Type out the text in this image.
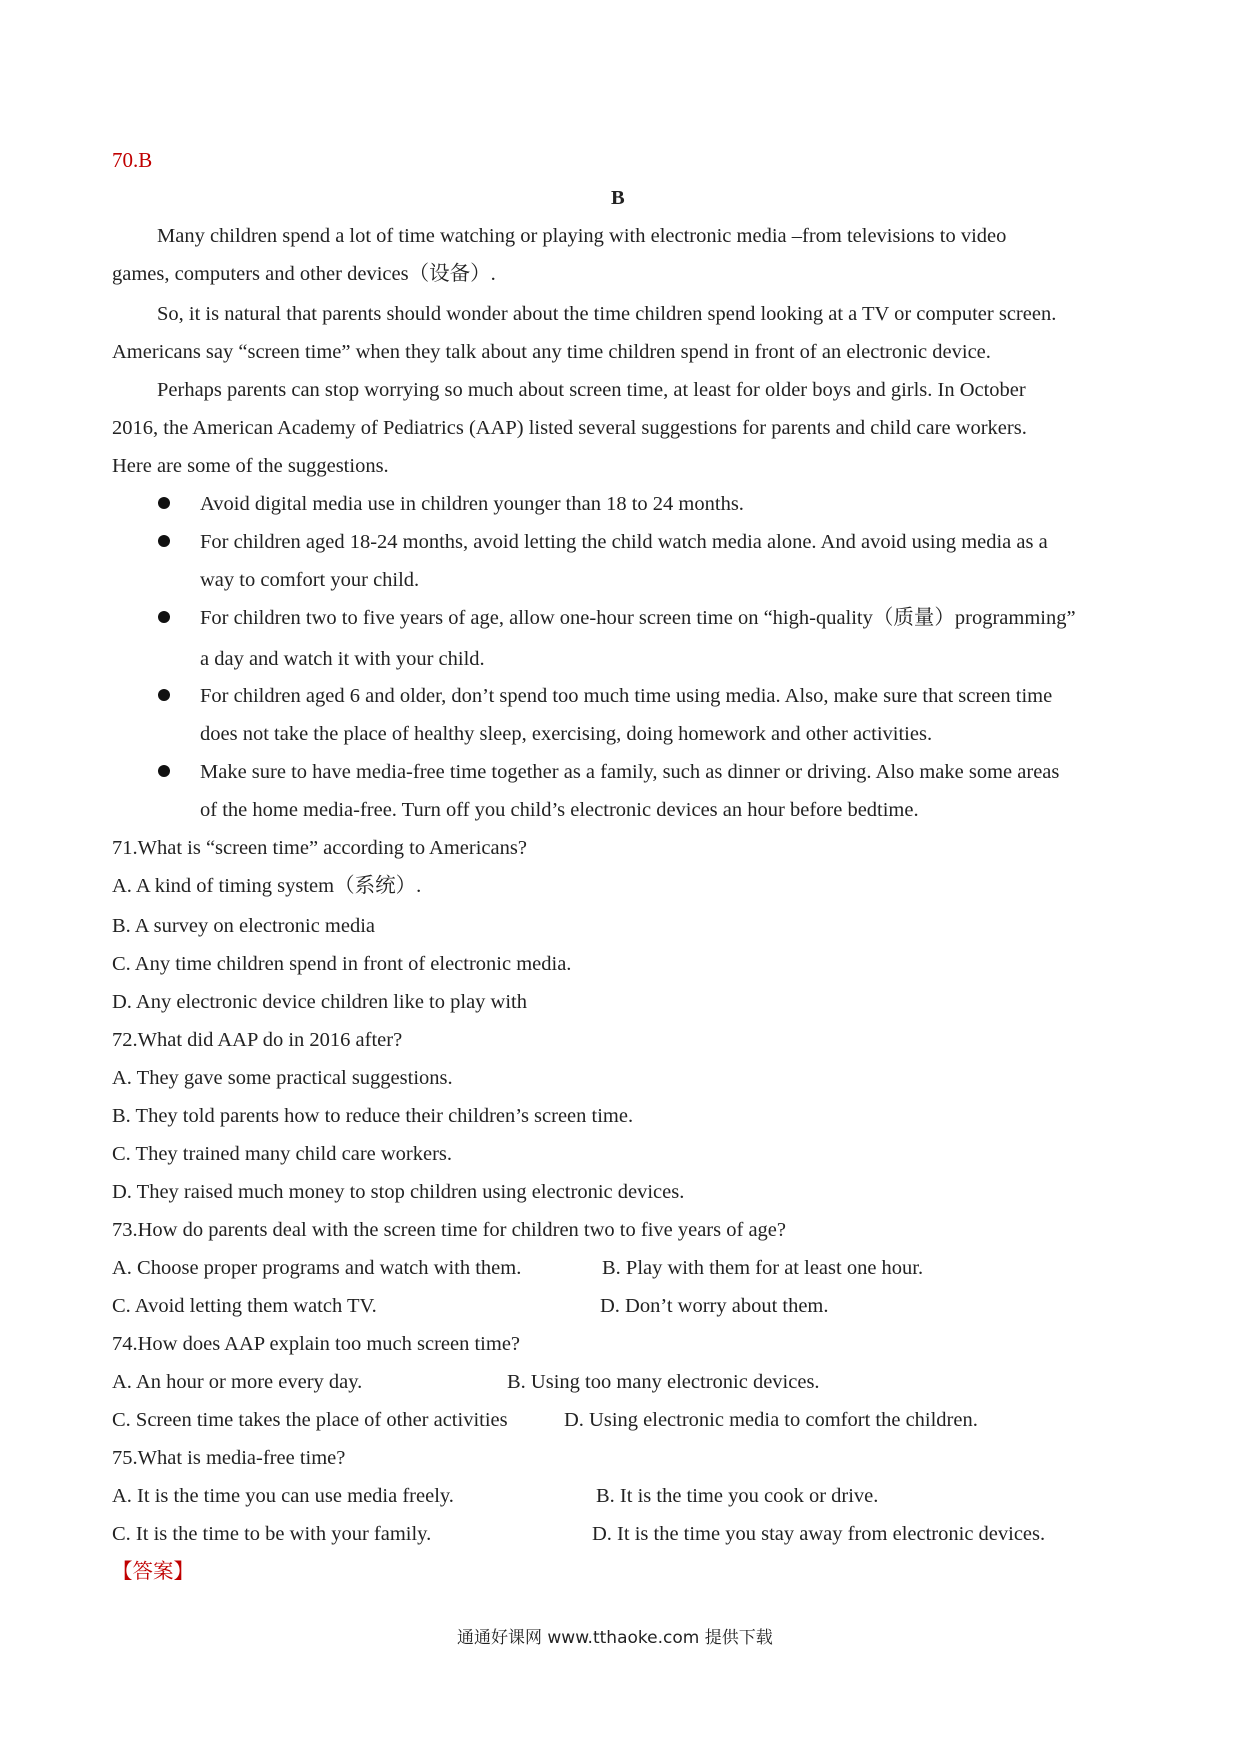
70.B
B
Many children spend a lot of time watching or playing with electronic media –from televisions to video
games, computers and other devices（设备）.
So, it is natural that parents should wonder about the time children spend looking at a TV or computer screen.
Americans say “screen time” when they talk about any time children spend in front of an electronic device.
Perhaps parents can stop worrying so much about screen time, at least for older boys and girls. In October
2016, the American Academy of Pediatrics (AAP) listed several suggestions for parents and child care workers.
Here are some of the suggestions.
Avoid digital media use in children younger than 18 to 24 months.
For children aged 18-24 months, avoid letting the child watch media alone. And avoid using media as a
way to comfort your child.
For children two to five years of age, allow one-hour screen time on “high-quality（质量）programming”
a day and watch it with your child.
For children aged 6 and older, don’t spend too much time using media. Also, make sure that screen time
does not take the place of healthy sleep, exercising, doing homework and other activities.
Make sure to have media-free time together as a family, such as dinner or driving. Also make some areas
of the home media-free. Turn off you child’s electronic devices an hour before bedtime.
71.What is “screen time” according to Americans?
A. A kind of timing system（系统）.
B. A survey on electronic media
C. Any time children spend in front of electronic media.
D. Any electronic device children like to play with
72.What did AAP do in 2016 after?
A. They gave some practical suggestions.
B. They told parents how to reduce their children’s screen time.
C. They trained many child care workers.
D. They raised much money to stop children using electronic devices.
73.How do parents deal with the screen time for children two to five years of age?
A. Choose proper programs and watch with them.	B. Play with them for at least one hour.
C. Avoid letting them watch TV.	D. Don’t worry about them.
74.How does AAP explain too much screen time?
A. An hour or more every day.	B. Using too many electronic devices.
C. Screen time takes the place of other activities	D. Using electronic media to comfort the children.
75.What is media-free time?
A. It is the time you can use media freely.	B. It is the time you cook or drive.
C. It is the time to be with your family.	D. It is the time you stay away from electronic devices.
【答案】
通通好课网 www.tthaoke.com 提供下载
